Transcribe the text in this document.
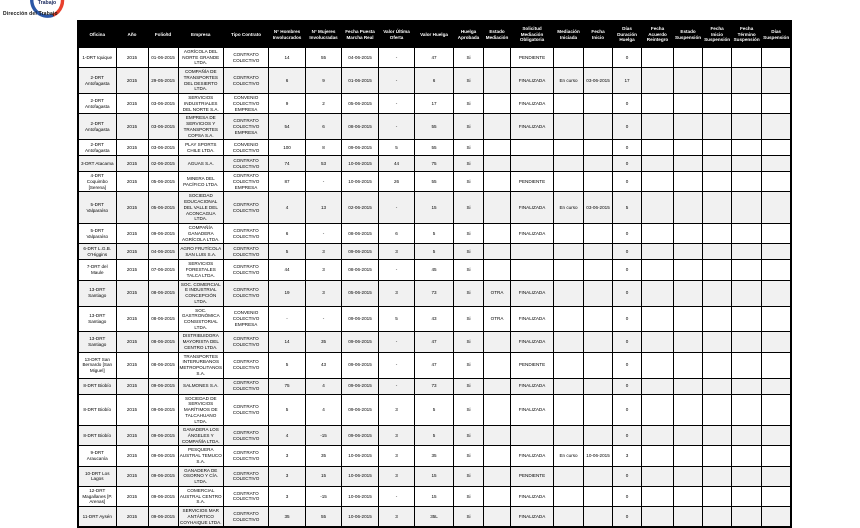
Trabajo
Dirección del Trabajo
Oficina	Año	Folio/Id	Empresa	Tipo Contrato	N° Hombres Involucrados	N° Mujeres Involucradas	Fecha Puesta Marcha Real	Valor Última Oferta	Valor Huelga	Huelga Aprobada	Estado Mediación	Solicitud Mediación Obligatoria	Mediación Iniciada	Fecha Inicio	Días Duración Huelga	Fecha Acuerdo Reintegro	Estado Suspensión	Fecha Inicio Suspensión	Fecha Término Suspensión	Días Suspensión
1-DRT Iquique	2015	01-06-2015	AGRÍCOLA DEL NORTE GRANDE LTDA.	CONTRATO COLECTIVO	14	55	04-06-2015	-	47	Si		PENDIENTE			0					
2-DRT Antofagasta	2015	29-05-2015	COMPAÑÍA DE TRANSPORTES DEL DESIERTO LTDA.	CONTRATO COLECTIVO	6	9	01-06-2015	-	6	Si		FINALIZADA	En curso	03-06-2015	17					
2-DRT Antofagasta	2015	03-06-2015	SERVICIOS INDUSTRIALES DEL NORTE S.A.	CONVENIO COLECTIVO EMPRESA	9	2	05-06-2015	-	17	Si		FINALIZADA			0					
2-DRT Antofagasta	2015	03-06-2015	EMPRESA DE SERVICIOS Y TRANSPORTES COPSA S.A.	CONTRATO COLECTIVO EMPRESA	54	6	08-06-2015	-	55	Si		FINALIZADA			0					
2-DRT Antofagasta	2015	03-06-2015	PLAY SPORTS CHILE LTDA.	CONVENIO COLECTIVO	100	8	09-06-2015	5	55	Si					0					
3-DRT Atacama	2015	02-06-2015	AGUAS S.A.	CONTRATO COLECTIVO	74	53	10-06-2015	44	75	Si					0					
4-DRT Coquimbo [Serena]	2015	05-06-2015	MINERA DEL PACÍFICO LTDA.	CONTRATO COLECTIVO EMPRESA	87	-	10-06-2015	26	55	Si		PENDIENTE			0					
5-DRT Valparaíso	2015	05-06-2015	SOCIEDAD EDUCACIONAL DEL VALLE DEL ACONCAGUA LTDA.	CONTRATO COLECTIVO	4	13	02-06-2015	-	15	Si		FINALIZADA	En curso	03-06-2015	5					
5-DRT Valparaíso	2015	09-06-2015	COMPAÑÍA GANADERA AGRÍCOLA LTDA.	CONTRATO COLECTIVO	6	-	08-06-2015	6	5	Si		FINALIZADA			0					
6-DRT L.G.B. O'Higgins	2015	04-06-2015	AGRO FRUTÍCOLA SAN LUIS S.A.	CONTRATO COLECTIVO	5	3	09-06-2015	3	5	Si					0					
7-DRT del Maule	2015	07-06-2015	SERVICIOS FORESTALES TALCA LTDA.	CONTRATO COLECTIVO	44	3	08-06-2015	-	45	Si					0					
13-DRT Santiago	2015	08-06-2015	SOC. COMERCIAL E INDUSTRIAL CONCEPCIÓN LTDA.	CONTRATO COLECTIVO	19	3	05-06-2015	3	73	Si	OTRA	FINALIZADA			0					
13-DRT Santiago	2015	08-06-2015	SOC. GASTRONÓMICA CONSISTORIAL LTDA.	CONVENIO COLECTIVO EMPRESA	-	-	09-06-2015	5	43	Si	OTRA	FINALIZADA			0					
13-DRT Santiago	2015	08-06-2015	DISTRIBUIDORA MAYORISTA DEL CENTRO LTDA.	CONTRATO COLECTIVO	14	35	09-06-2015	-	47	Si		FINALIZADA			0					
13-DRT San Bernardo [San Miguel]	2015	08-06-2015	TRANSPORTES INTERURBANOS METROPOLITANOS S.A.	CONTRATO COLECTIVO	5	43	09-06-2015	-	47	Si		PENDIENTE			0					
8-DRT Biobío	2015	09-06-2015	SALMONES S.A.	CONTRATO COLECTIVO	75	4	09-06-2015	-	73	Si		FINALIZADA			0					
8-DRT Biobío	2015	09-06-2015	SOCIEDAD DE SERVICIOS MARÍTIMOS DE TALCAHUANO LTDA.	CONTRATO COLECTIVO	5	4	09-06-2015	3	5	Si		FINALIZADA			0					
8-DRT Biobío	2015	09-06-2015	GANADERA LOS ÁNGELES Y COMPAÑÍA LTDA.	CONTRATO COLECTIVO	4	-15	09-06-2015	3	5	Si					0					
9-DRT Araucanía	2015	09-06-2015	PESQUERA AUSTRAL TEMUCO S.A.	CONTRATO COLECTIVO	3	35	10-06-2015	3	35	Si		FINALIZADA	En curso	10-06-2015	3					
10-DRT Los Lagos	2015	09-06-2015	GANADERA DE OSORNO Y CÍA. LTDA.	CONTRATO COLECTIVO	3	15	10-06-2015	3	15	Si		PENDIENTE			0					
12-DRT Magallanes [P. Arenas]	2015	09-06-2015	COMERCIAL AUSTRAL CENTRO S.A.	CONTRATO COLECTIVO	3	-15	10-06-2015	-	15	Si		FINALIZADA			0					
11-DRT Aysén	2015	09-06-2015	SERVICIOS MAR ANTÁRTICO COYHAIQUE LTDA.	CONTRATO COLECTIVO	35	55	10-06-2015	3	35L	Si		FINALIZADA			0					
